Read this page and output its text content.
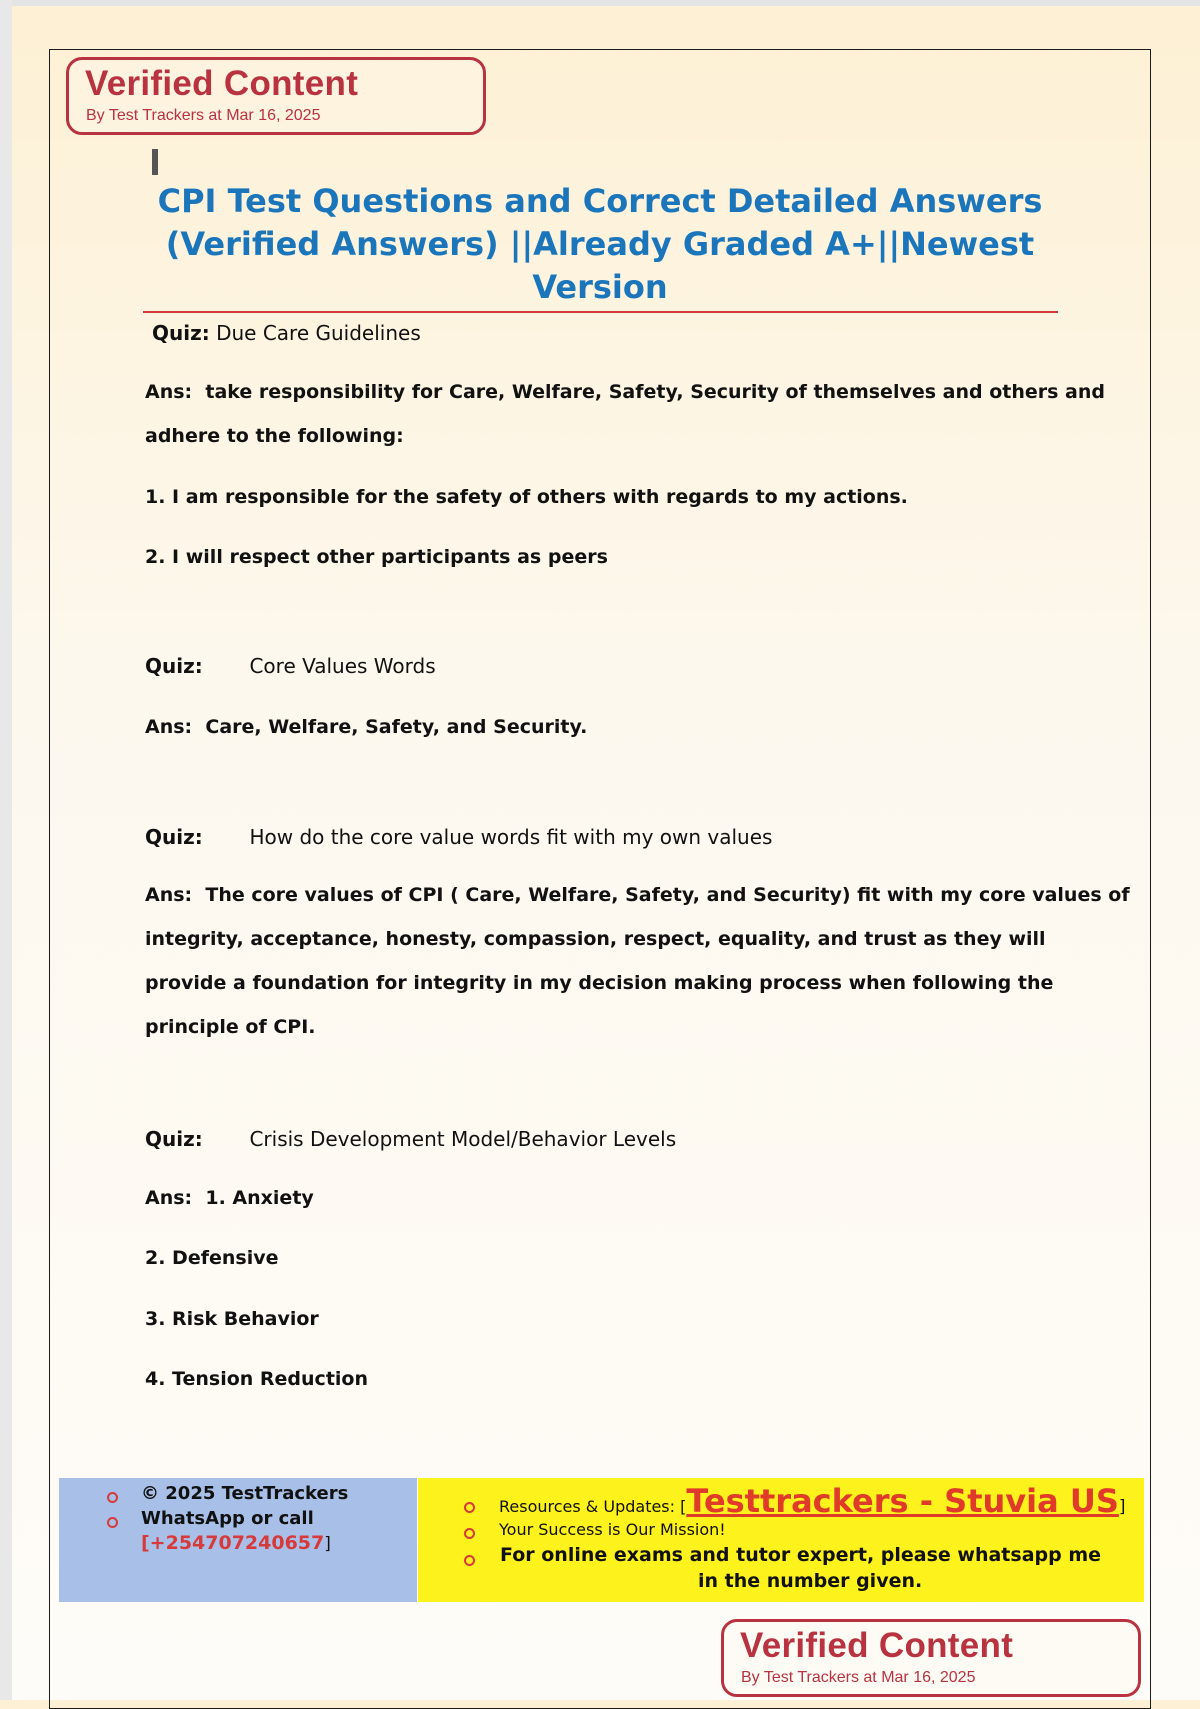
Verified Content
By Test Trackers at Mar 16, 2025
CPI Test Questions and Correct Detailed Answers
(Verified Answers) ||Already Graded A+||Newest
Version
Quiz: Due Care Guidelines
Ans: take responsibility for Care, Welfare, Safety, Security of themselves and others and
adhere to the following:
1. I am responsible for the safety of others with regards to my actions.
2. I will respect other participants as peers
Quiz: Core Values Words
Ans: Care, Welfare, Safety, and Security.
Quiz: How do the core value words fit with my own values
Ans: The core values of CPI ( Care, Welfare, Safety, and Security) fit with my core values of
integrity, acceptance, honesty, compassion, respect, equality, and trust as they will
provide a foundation for integrity in my decision making process when following the
principle of CPI.
Quiz: Crisis Development Model/Behavior Levels
Ans: 1. Anxiety
2. Defensive
3. Risk Behavior
4. Tension Reduction
© 2025 TestTrackers
WhatsApp or call
[+254707240657]
Resources & Updates: [Testtrackers - Stuvia US]
Your Success is Our Mission!
For online exams and tutor expert, please whatsapp me
in the number given.
Verified Content
By Test Trackers at Mar 16, 2025
